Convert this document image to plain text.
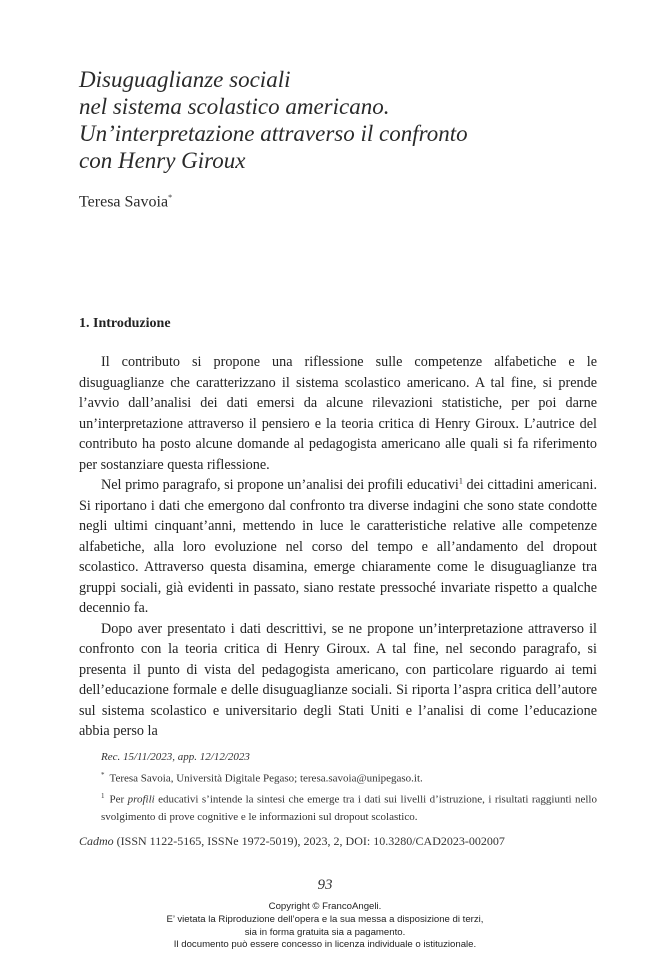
Disuguaglianze sociali
nel sistema scolastico americano.
Un’interpretazione attraverso il confronto
con Henry Giroux
Teresa Savoia*
1. Introduzione

Il contributo si propone una riflessione sulle competenze alfabetiche e le disuguaglianze che caratterizzano il sistema scolastico americano. A tal fine, si prende l’avvio dall’analisi dei dati emersi da alcune rilevazioni statistiche, per poi darne un’interpretazione attraverso il pensiero e la teoria critica di Henry Giroux. L’autrice del contributo ha posto alcune domande al pedagogista americano alle quali si fa riferimento per sostanziare questa riflessione.

Nel primo paragrafo, si propone un’analisi dei profili educativi$^1$ dei cittadini americani. Si riportano i dati che emergono dal confronto tra diverse indagini che sono state condotte negli ultimi cinquant’anni, mettendo in luce le caratteristiche relative alle competenze alfabetiche, alla loro evoluzione nel corso del tempo e all’andamento del dropout scolastico. Attraverso questa disamina, emerge chiaramente come le disuguaglianze tra gruppi sociali, già evidenti in passato, siano restate pressoché invariate rispetto a qualche decennio fa.

Dopo aver presentato i dati descrittivi, se ne propone un’interpretazione attraverso il confronto con la teoria critica di Henry Giroux. A tal fine, nel secondo paragrafo, si presenta il punto di vista del pedagogista americano, con particolare riguardo ai temi dell’educazione formale e delle disuguaglianze sociali. Si riporta l’aspra critica dell’autore sul sistema scolastico e universitario degli Stati Uniti e l’analisi di come l’educazione abbia perso la

Rec. 15/11/2023, app. 12/12/2023
* Teresa Savoia, Università Digitale Pegaso; teresa.savoia@unipegaso.it.
$^1$ Per profili educativi s’intende la sintesi che emerge tra i dati sui livelli d’istruzione, i risultati raggiunti nello svolgimento di prove cognitive e le informazioni sul dropout scolastico.
Cadmo (ISSN 1122-5165, ISSNe 1972-5019), 2023, 2, DOI: 10.3280/CAD2023-002007
93
Copyright © FrancoAngeli.
E’ vietata la Riproduzione dell’opera e la sua messa a disposizione di terzi,
sia in forma gratuita sia a pagamento.
Il documento può essere concesso in licenza individuale o istituzionale.
